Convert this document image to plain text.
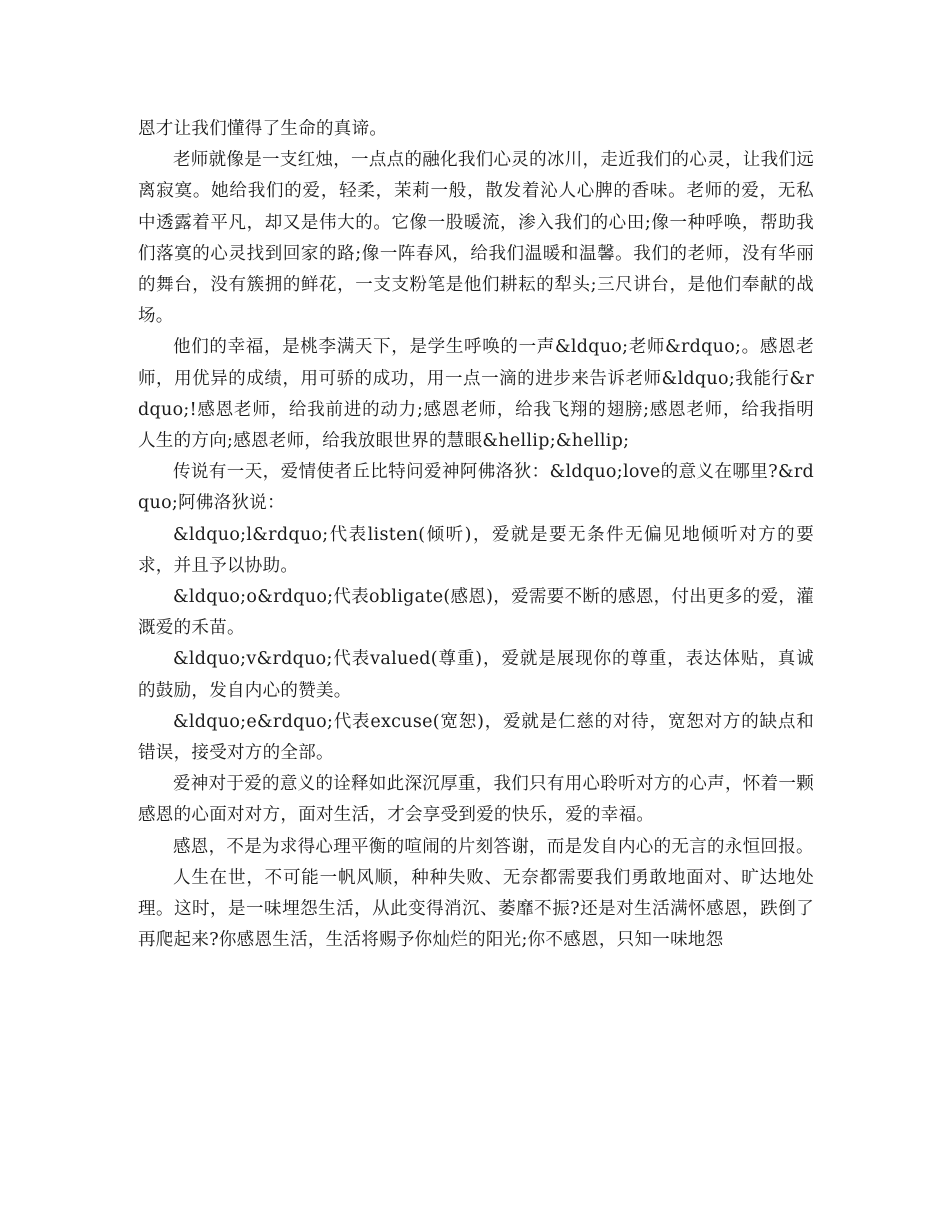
恩才让我们懂得了生命的真谛。

老师就像是一支红烛，一点点的融化我们心灵的冰川，走近我们的心灵，让我们远离寂寞。她给我们的爱，轻柔，茉莉一般，散发着沁人心脾的香味。老师的爱，无私中透露着平凡，却又是伟大的。它像一股暖流，渗入我们的心田;像一种呼唤，帮助我们落寞的心灵找到回家的路;像一阵春风，给我们温暖和温馨。我们的老师，没有华丽的舞台，没有簇拥的鲜花，一支支粉笔是他们耕耘的犁头;三尺讲台，是他们奉献的战场。

他们的幸福，是桃李满天下，是学生呼唤的一声&ldquo;老师&rdquo;。感恩老师，用优异的成绩，用可骄的成功，用一点一滴的进步来告诉老师&ldquo;我能行&rdquo;!感恩老师，给我前进的动力;感恩老师，给我飞翔的翅膀;感恩老师，给我指明人生的方向;感恩老师，给我放眼世界的慧眼&hellip;&hellip;

传说有一天，爱情使者丘比特问爱神阿佛洛狄：&ldquo;love的意义在哪里?&rdquo;阿佛洛狄说：

&ldquo;l&rdquo;代表listen(倾听)，爱就是要无条件无偏见地倾听对方的要求，并且予以协助。

&ldquo;o&rdquo;代表obligate(感恩)，爱需要不断的感恩，付出更多的爱，灌溉爱的禾苗。

&ldquo;v&rdquo;代表valued(尊重)，爱就是展现你的尊重，表达体贴，真诚的鼓励，发自内心的赞美。

&ldquo;e&rdquo;代表excuse(宽恕)，爱就是仁慈的对待，宽恕对方的缺点和错误，接受对方的全部。

爱神对于爱的意义的诠释如此深沉厚重，我们只有用心聆听对方的心声，怀着一颗感恩的心面对对方，面对生活，才会享受到爱的快乐，爱的幸福。

感恩，不是为求得心理平衡的喧闹的片刻答谢，而是发自内心的无言的永恒回报。

人生在世，不可能一帆风顺，种种失败、无奈都需要我们勇敢地面对、旷达地处理。这时，是一味埋怨生活，从此变得消沉、萎靡不振?还是对生活满怀感恩，跌倒了再爬起来?你感恩生活，生活将赐予你灿烂的阳光;你不感恩，只知一味地怨
